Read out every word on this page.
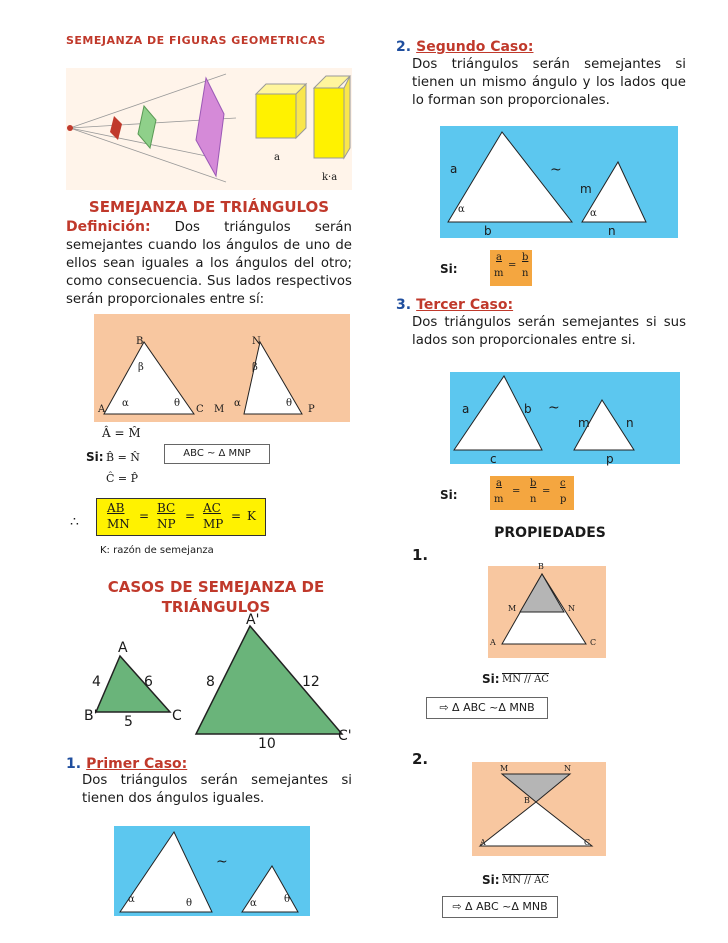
SEMEJANZA DE FIGURAS GEOMETRICAS
a
k·a
SEMEJANZA DE TRIÁNGULOS
Definición: Dos triángulos serán semejantes cuando los ángulos de uno de ellos sean iguales a los ángulos del otro; como consecuencia. Sus lados respectivos serán proporcionales entre sí:
B	N
β	β
A
α	θ
C M
α	θ
P
Â = M̂
Si: B̂ = N̂
Ĉ = P̂
ABC ~ Δ MNP
∴
AB
MN
=
BC
NP
=
AC
MP
= K
K: razón de semejanza
CASOS DE SEMEJANZA DE
TRIÁNGULOS
A
B'	C
4	6
5
A'
C'
8	12
10
1. Primer Caso:
Dos triángulos serán semejantes si tienen dos ángulos iguales.
~
α	θ	α	θ
2. Segundo Caso:
Dos triángulos serán semejantes si tienen un mismo ángulo y los lados que lo forman son proporcionales.
a
b
m
n
α	α
~
Si:
a
m
=
b
n
3. Tercer Caso:
Dos triángulos serán semejantes si sus lados son proporcionales entre si.
a	b
c
m	n
p
~
Si:
a
m
=
b
n
=
c
p
PROPIEDADES
1.
B
M	N
A	C
Si: MN // AC
⇨ Δ ABC ~Δ MNB
2.
M	N
B
A	C
Si: MN // AC
⇨ Δ ABC ~Δ MNB
